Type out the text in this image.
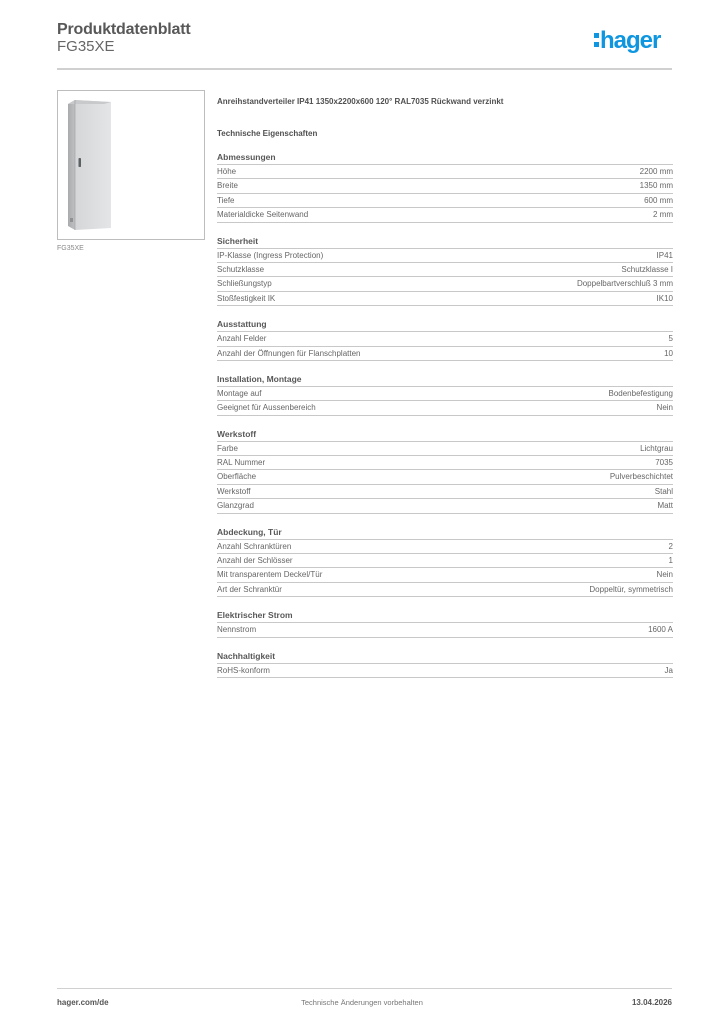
Produktdatenblatt
FG35XE	hager
FG35XE
Anreihstandverteiler IP41 1350x2200x600 120° RAL7035 Rückwand verzinkt
Technische Eigenschaften
Abmessungen
Höhe	2200 mm
Breite	1350 mm
Tiefe	600 mm
Materialdicke Seitenwand	2 mm
Sicherheit
IP-Klasse (Ingress Protection)	IP41
Schutzklasse	Schutzklasse I
Schließungstyp	Doppelbartverschluß 3 mm
Stoßfestigkeit IK	IK10
Ausstattung
Anzahl Felder	5
Anzahl der Öffnungen für Flanschplatten	10
Installation, Montage
Montage auf	Bodenbefestigung
Geeignet für Aussenbereich	Nein
Werkstoff
Farbe	Lichtgrau
RAL Nummer	7035
Oberfläche	Pulverbeschichtet
Werkstoff	Stahl
Glanzgrad	Matt
Abdeckung, Tür
Anzahl Schranktüren	2
Anzahl der Schlösser	1
Mit transparentem Deckel/Tür	Nein
Art der Schranktür	Doppeltür, symmetrisch
Elektrischer Strom
Nennstrom	1600 A
Nachhaltigkeit
RoHS-konform	Ja
hager.com/de	Technische Änderungen vorbehalten	13.04.2026
